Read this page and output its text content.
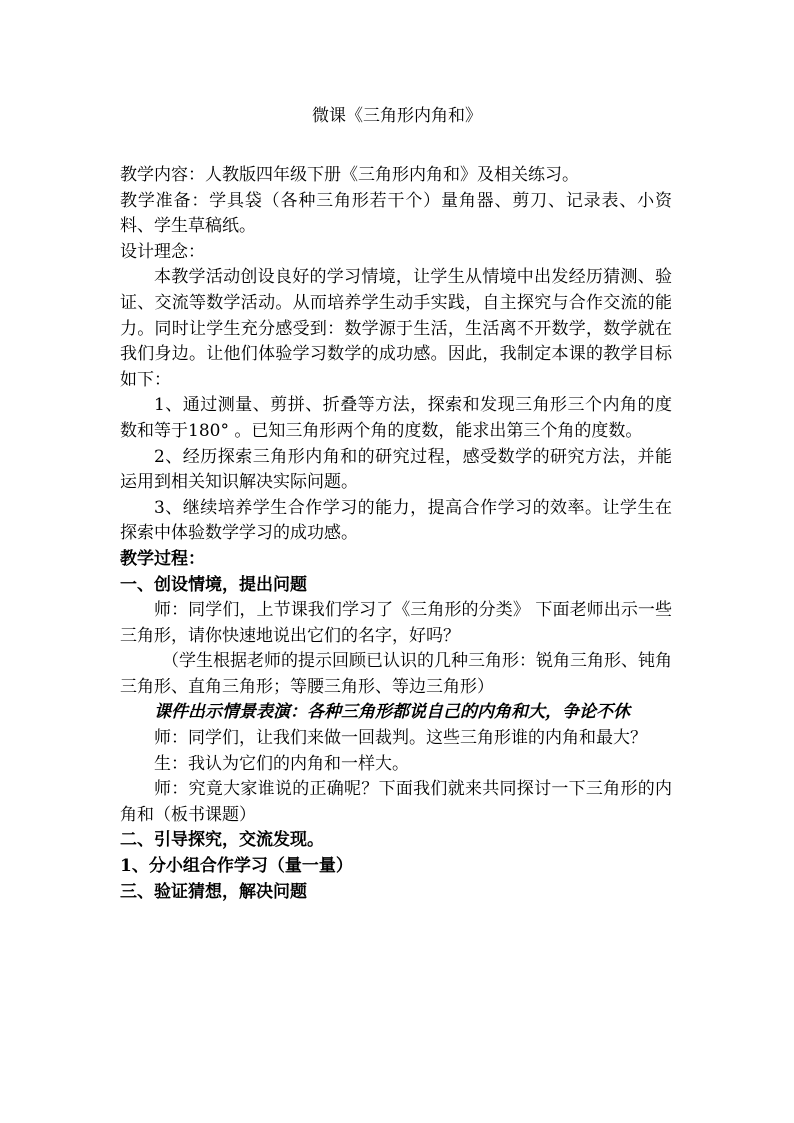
微课《三角形内角和》

教学内容：人教版四年级下册《三角形内角和》及相关练习。

教学准备：学具袋（各种三角形若干个）量角器、剪刀、记录表、小资料、学生草稿纸。

设计理念：

本教学活动创设良好的学习情境，让学生从情境中出发经历猜测、验证、交流等数学活动。从而培养学生动手实践，自主探究与合作交流的能力。同时让学生充分感受到：数学源于生活，生活离不开数学，数学就在我们身边。让他们体验学习数学的成功感。因此，我制定本课的教学目标如下：

1、通过测量、剪拼、折叠等方法，探索和发现三角形三个内角的度数和等于180° 。已知三角形两个角的度数，能求出第三个角的度数。

2、经历探索三角形内角和的研究过程，感受数学的研究方法，并能运用到相关知识解决实际问题。

3、继续培养学生合作学习的能力，提高合作学习的效率。让学生在探索中体验数学学习的成功感。

教学过程：

一、创设情境，提出问题

师：同学们，上节课我们学习了《三角形的分类》 下面老师出示一些三角形，请你快速地说出它们的名字，好吗？

（学生根据老师的提示回顾已认识的几种三角形：锐角三角形、钝角三角形、直角三角形；等腰三角形、等边三角形）

课件出示情景表演：各种三角形都说自己的内角和大，争论不休

师：同学们，让我们来做一回裁判。这些三角形谁的内角和最大？

生：我认为它们的内角和一样大。

师：究竟大家谁说的正确呢？下面我们就来共同探讨一下三角形的内角和（板书课题）

二、引导探究，交流发现。

1、分小组合作学习（量一量）

三、验证猜想，解决问题
